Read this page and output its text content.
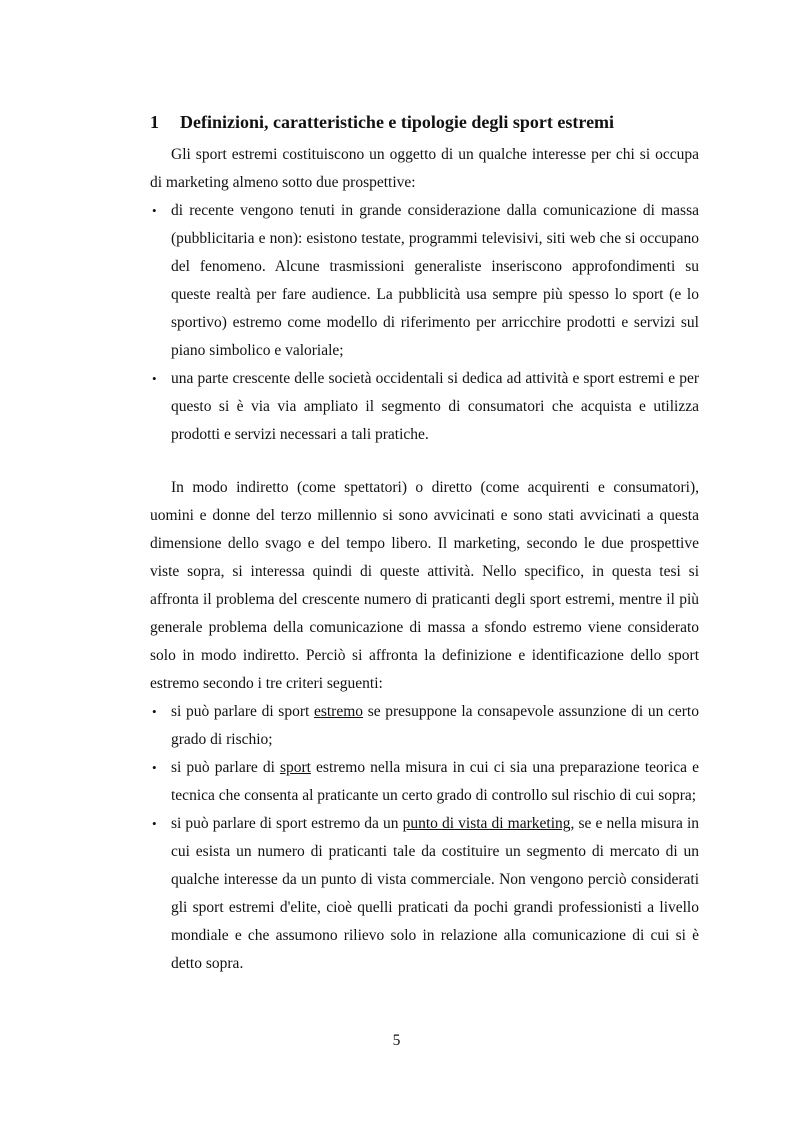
1 Definizioni, caratteristiche e tipologie degli sport estremi
Gli sport estremi costituiscono un oggetto di un qualche interesse per chi si occupa di marketing almeno sotto due prospettive:
• di recente vengono tenuti in grande considerazione dalla comunicazione di massa (pubblicitaria e non): esistono testate, programmi televisivi, siti web che si occupano del fenomeno. Alcune trasmissioni generaliste inseriscono approfondimenti su queste realtà per fare audience. La pubblicità usa sempre più spesso lo sport (e lo sportivo) estremo come modello di riferimento per arricchire prodotti e servizi sul piano simbolico e valoriale;
• una parte crescente delle società occidentali si dedica ad attività e sport estremi e per questo si è via via ampliato il segmento di consumatori che acquista e utilizza prodotti e servizi necessari a tali pratiche.
In modo indiretto (come spettatori) o diretto (come acquirenti e consumatori), uomini e donne del terzo millennio si sono avvicinati e sono stati avvicinati a questa dimensione dello svago e del tempo libero. Il marketing, secondo le due prospettive viste sopra, si interessa quindi di queste attività. Nello specifico, in questa tesi si affronta il problema del crescente numero di praticanti degli sport estremi, mentre il più generale problema della comunicazione di massa a sfondo estremo viene considerato solo in modo indiretto. Perciò si affronta la definizione e identificazione dello sport estremo secondo i tre criteri seguenti:
• si può parlare di sport estremo se presuppone la consapevole assunzione di un certo grado di rischio;
• si può parlare di sport estremo nella misura in cui ci sia una preparazione teorica e tecnica che consenta al praticante un certo grado di controllo sul rischio di cui sopra;
• si può parlare di sport estremo da un punto di vista di marketing, se e nella misura in cui esista un numero di praticanti tale da costituire un segmento di mercato di un qualche interesse da un punto di vista commerciale. Non vengono perciò considerati gli sport estremi d'elite, cioè quelli praticati da pochi grandi professionisti a livello mondiale e che assumono rilievo solo in relazione alla comunicazione di cui si è detto sopra.
5
